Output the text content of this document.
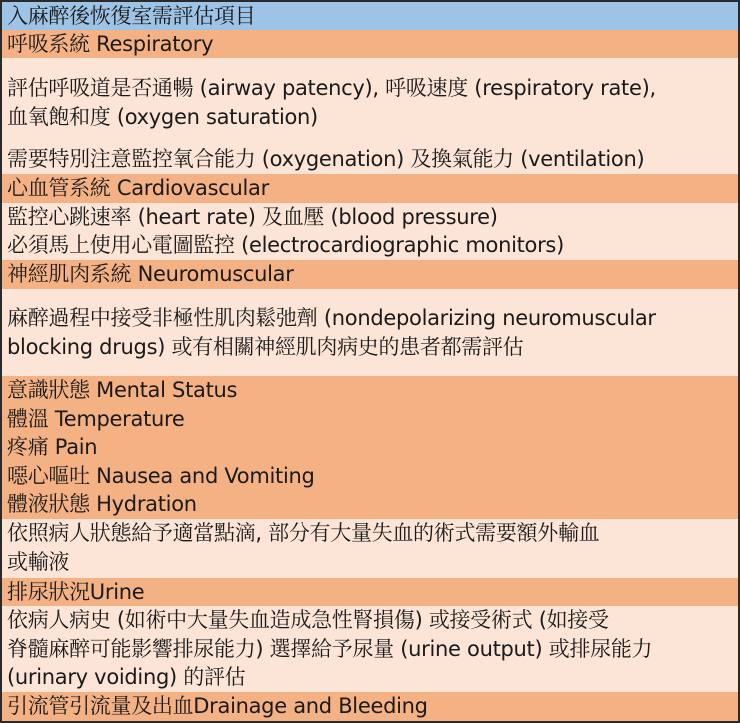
入麻醉後恢復室需評估項目
呼吸系統 Respiratory
評估呼吸道是否通暢 (airway patency), 呼吸速度 (respiratory rate),
血氧飽和度 (oxygen saturation)
需要特別注意監控氧合能力 (oxygenation) 及換氣能力 (ventilation)
心血管系統 Cardiovascular
監控心跳速率 (heart rate) 及血壓 (blood pressure)
必須馬上使用心電圖監控 (electrocardiographic monitors)
神經肌肉系統 Neuromuscular
麻醉過程中接受非極性肌肉鬆弛劑 (nondepolarizing neuromuscular
blocking drugs) 或有相關神經肌肉病史的患者都需評估
意識狀態 Mental Status
體溫 Temperature
疼痛 Pain
噁心嘔吐 Nausea and Vomiting
體液狀態 Hydration
依照病人狀態給予適當點滴, 部分有大量失血的術式需要額外輸血
或輸液
排尿狀況Urine
依病人病史 (如術中大量失血造成急性腎損傷) 或接受術式 (如接受
脊髓麻醉可能影響排尿能力) 選擇給予尿量 (urine output) 或排尿能力
(urinary voiding) 的評估
引流管引流量及出血Drainage and Bleeding
